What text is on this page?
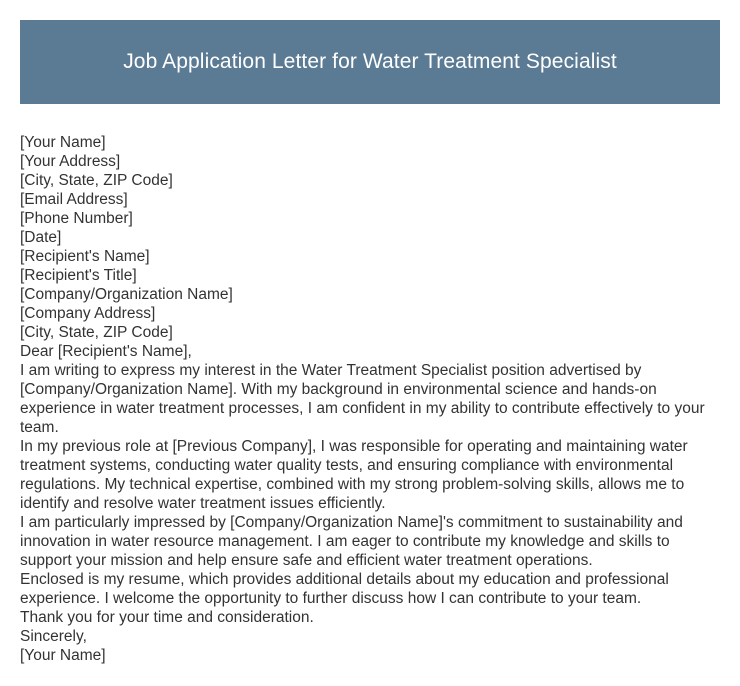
Job Application Letter for Water Treatment Specialist
[Your Name]
[Your Address]
[City, State, ZIP Code]
[Email Address]
[Phone Number]
[Date]
[Recipient's Name]
[Recipient's Title]
[Company/Organization Name]
[Company Address]
[City, State, ZIP Code]
Dear [Recipient's Name],

I am writing to express my interest in the Water Treatment Specialist position advertised by [Company/Organization Name]. With my background in environmental science and hands-on experience in water treatment processes, I am confident in my ability to contribute effectively to your team.

In my previous role at [Previous Company], I was responsible for operating and maintaining water treatment systems, conducting water quality tests, and ensuring compliance with environmental regulations. My technical expertise, combined with my strong problem-solving skills, allows me to identify and resolve water treatment issues efficiently.

I am particularly impressed by [Company/Organization Name]'s commitment to sustainability and innovation in water resource management. I am eager to contribute my knowledge and skills to support your mission and help ensure safe and efficient water treatment operations.

Enclosed is my resume, which provides additional details about my education and professional experience. I welcome the opportunity to further discuss how I can contribute to your team.

Thank you for your time and consideration.

Sincerely,
[Your Name]
